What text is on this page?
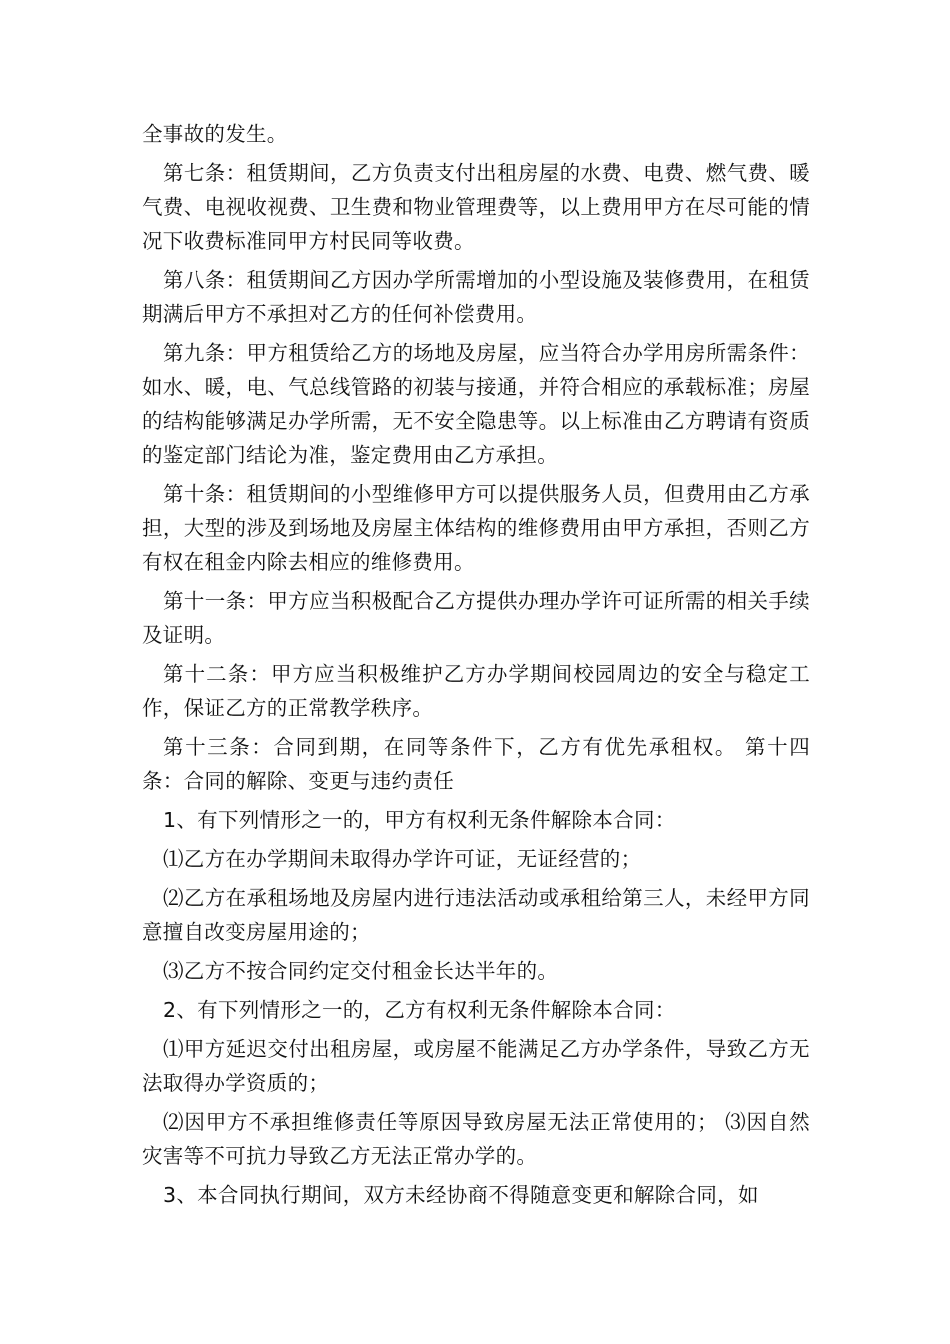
全事故的发生。

第七条：租赁期间，乙方负责支付出租房屋的水费、电费、燃气费、暖气费、电视收视费、卫生费和物业管理费等，以上费用甲方在尽可能的情况下收费标准同甲方村民同等收费。

第八条：租赁期间乙方因办学所需增加的小型设施及装修费用，在租赁期满后甲方不承担对乙方的任何补偿费用。

第九条：甲方租赁给乙方的场地及房屋，应当符合办学用房所需条件：如水、暖，电、气总线管路的初装与接通，并符合相应的承载标准；房屋的结构能够满足办学所需，无不安全隐患等。以上标准由乙方聘请有资质的鉴定部门结论为准，鉴定费用由乙方承担。

第十条：租赁期间的小型维修甲方可以提供服务人员，但费用由乙方承担，大型的涉及到场地及房屋主体结构的维修费用由甲方承担，否则乙方有权在租金内除去相应的维修费用。

第十一条：甲方应当积极配合乙方提供办理办学许可证所需的相关手续及证明。

第十二条：甲方应当积极维护乙方办学期间校园周边的安全与稳定工作，保证乙方的正常教学秩序。

第十三条：合同到期，在同等条件下，乙方有优先承租权。 第十四条：合同的解除、变更与违约责任

1、有下列情形之一的，甲方有权利无条件解除本合同：

⑴乙方在办学期间未取得办学许可证，无证经营的；

⑵乙方在承租场地及房屋内进行违法活动或承租给第三人，未经甲方同意擅自改变房屋用途的；

⑶乙方不按合同约定交付租金长达半年的。

2、有下列情形之一的，乙方有权利无条件解除本合同：

⑴甲方延迟交付出租房屋，或房屋不能满足乙方办学条件，导致乙方无法取得办学资质的；

⑵因甲方不承担维修责任等原因导致房屋无法正常使用的； ⑶因自然灾害等不可抗力导致乙方无法正常办学的。

3、本合同执行期间，双方未经协商不得随意变更和解除合同，如
